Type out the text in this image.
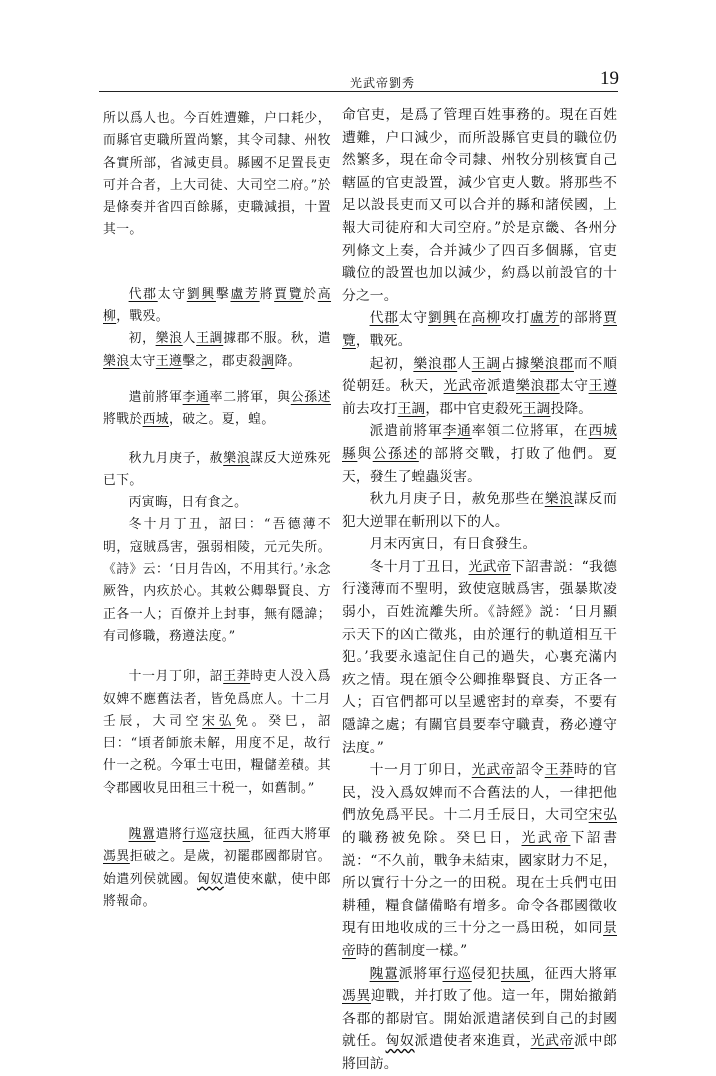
光武帝劉秀	19

所以爲人也。今百姓遭難，户口耗少，而縣官吏職所置尚繁，其令司隸、州牧各實所部，省減吏員。縣國不足置長吏可并合者，上大司徒、大司空二府。”於是條奏并省四百餘縣，吏職減損，十置其一。

代郡太守劉興擊盧芳將賈覽於高柳，戰殁。

初，樂浪人王調據郡不服。秋，遣樂浪太守王遵擊之，郡吏殺調降。

遣前將軍李通率二將軍，與公孫述將戰於西城，破之。夏，蝗。

秋九月庚子，赦樂浪謀反大逆殊死已下。

丙寅晦，日有食之。

冬十月丁丑，詔曰：“吾德薄不明，寇賊爲害，强弱相陵，元元失所。《詩》云：‘日月告凶，不用其行。’永念厥咎，内疚於心。其敕公卿舉賢良、方正各一人；百僚并上封事，無有隱諱；有司修職，務遵法度。”

十一月丁卯，詔王莽時吏人没入爲奴婢不應舊法者，皆免爲庶人。十二月壬辰，大司空宋弘免。癸巳，詔曰：“頃者師旅未解，用度不足，故行什一之税。今軍士屯田，糧儲差積。其令郡國收見田租三十税一，如舊制。”

隗囂遣將行巡寇扶風，征西大將軍馮異拒破之。是歲，初罷郡國都尉官。始遣列侯就國。匈奴遣使來獻，使中郎將報命。

命官吏，是爲了管理百姓事務的。現在百姓遭難，户口減少，而所設縣官吏員的職位仍然繁多，現在命令司隸、州牧分别核實自己轄區的官吏設置，減少官吏人數。將那些不足以設長吏而又可以合并的縣和諸侯國，上報大司徒府和大司空府。”於是京畿、各州分列條文上奏，合并減少了四百多個縣，官吏職位的設置也加以減少，約爲以前設官的十分之一。

代郡太守劉興在高柳攻打盧芳的部將賈覽，戰死。

起初，樂浪郡人王調占據樂浪郡而不順從朝廷。秋天，光武帝派遣樂浪郡太守王遵前去攻打王調，郡中官吏殺死王調投降。

派遣前將軍李通率領二位將軍，在西城縣與公孫述的部將交戰，打敗了他們。夏天，發生了蝗蟲災害。

秋九月庚子日，赦免那些在樂浪謀反而犯大逆罪在斬刑以下的人。

月末丙寅日，有日食發生。

冬十月丁丑日，光武帝下詔書説：“我德行淺薄而不聖明，致使寇賊爲害，强暴欺凌弱小，百姓流離失所。《詩經》説：‘日月顯示天下的凶亡徵兆，由於運行的軌道相互干犯。’我要永遠記住自己的過失，心裏充滿内疚之情。現在頒令公卿推舉賢良、方正各一人；百官們都可以呈遞密封的章奏，不要有隱諱之處；有關官員要奉守職責，務必遵守法度。”

十一月丁卯日，光武帝詔令王莽時的官民，没入爲奴婢而不合舊法的人，一律把他們放免爲平民。十二月壬辰日，大司空宋弘的職務被免除。癸巳日，光武帝下詔書説：“不久前，戰争未結束，國家財力不足，所以實行十分之一的田税。現在士兵們屯田耕種，糧食儲備略有增多。命令各郡國徵收現有田地收成的三十分之一爲田税，如同景帝時的舊制度一樣。”

隗囂派將軍行巡侵犯扶風，征西大將軍馮異迎戰，并打敗了他。這一年，開始撤銷各郡的都尉官。開始派遣諸侯到自己的封國就任。匈奴派遣使者來進貢，光武帝派中郎將回訪。
